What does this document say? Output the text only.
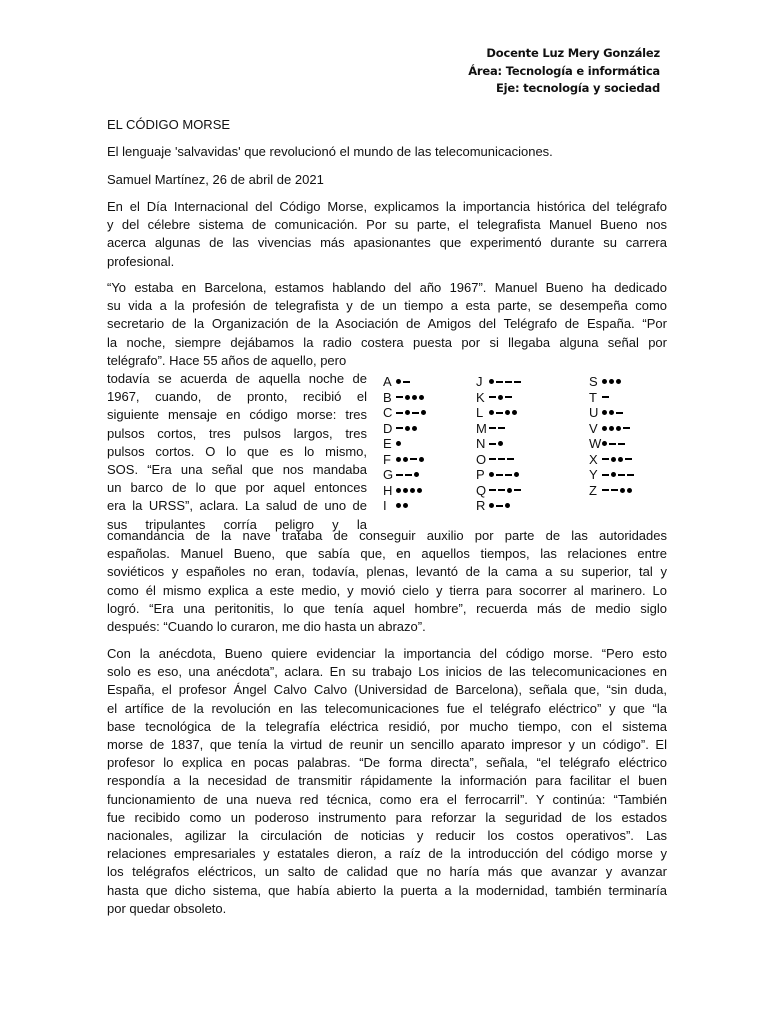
Docente Luz Mery González
Área: Tecnología e informática
Eje: tecnología y sociedad
EL CÓDIGO MORSE

El lenguaje 'salvavidas' que revolucionó el mundo de las telecomunicaciones.

Samuel Martínez, 26 de abril de 2021

En el Día Internacional del Código Morse, explicamos la importancia histórica del telégrafo
y del célebre sistema de comunicación. Por su parte, el telegrafista Manuel Bueno nos
acerca algunas de las vivencias más apasionantes que experimentó durante su carrera
profesional.
“Yo estaba en Barcelona, estamos hablando del año 1967”. Manuel Bueno ha dedicado
su vida a la profesión de telegrafista y de un tiempo a esta parte, se desempeña como
secretario de la Organización de la Asociación de Amigos del Telégrafo de España. “Por
la noche, siempre dejábamos la radio costera puesta por si llegaba alguna señal por
telégrafo”. Hace 55 años de aquello, pero
todavía se acuerda de aquella noche de
1967, cuando, de pronto, recibió el
siguiente mensaje en código morse: tres
pulsos cortos, tres pulsos largos, tres
pulsos cortos. O lo que es lo mismo,
SOS. “Era una señal que nos mandaba
un barco de lo que por aquel entonces
era la URSS”, aclara. La salud de uno de
sus tripulantes corría peligro y la
A
B
C
D
E
F
G
H
I
J
K
L
M
N
O
P
Q
R
S
T
U
V
W
X
Y
Z
comandancia de la nave trataba de conseguir auxilio por parte de las autoridades
españolas. Manuel Bueno, que sabía que, en aquellos tiempos, las relaciones entre
soviéticos y españoles no eran, todavía, plenas, levantó de la cama a su superior, tal y
como él mismo explica a este medio, y movió cielo y tierra para socorrer al marinero. Lo
logró. “Era una peritonitis, lo que tenía aquel hombre”, recuerda más de medio siglo
después: “Cuando lo curaron, me dio hasta un abrazo”.
Con la anécdota, Bueno quiere evidenciar la importancia del código morse. “Pero esto
solo es eso, una anécdota”, aclara. En su trabajo Los inicios de las telecomunicaciones en
España, el profesor Ángel Calvo Calvo (Universidad de Barcelona), señala que, “sin duda,
el artífice de la revolución en las telecomunicaciones fue el telégrafo eléctrico” y que “la
base tecnológica de la telegrafía eléctrica residió, por mucho tiempo, con el sistema
morse de 1837, que tenía la virtud de reunir un sencillo aparato impresor y un código”. El
profesor lo explica en pocas palabras. “De forma directa”, señala, “el telégrafo eléctrico
respondía a la necesidad de transmitir rápidamente la información para facilitar el buen
funcionamiento de una nueva red técnica, como era el ferrocarril”. Y continúa: “También
fue recibido como un poderoso instrumento para reforzar la seguridad de los estados
nacionales, agilizar la circulación de noticias y reducir los costos operativos”. Las
relaciones empresariales y estatales dieron, a raíz de la introducción del código morse y
los telégrafos eléctricos, un salto de calidad que no haría más que avanzar y avanzar
hasta que dicho sistema, que había abierto la puerta a la modernidad, también terminaría
por quedar obsoleto.
